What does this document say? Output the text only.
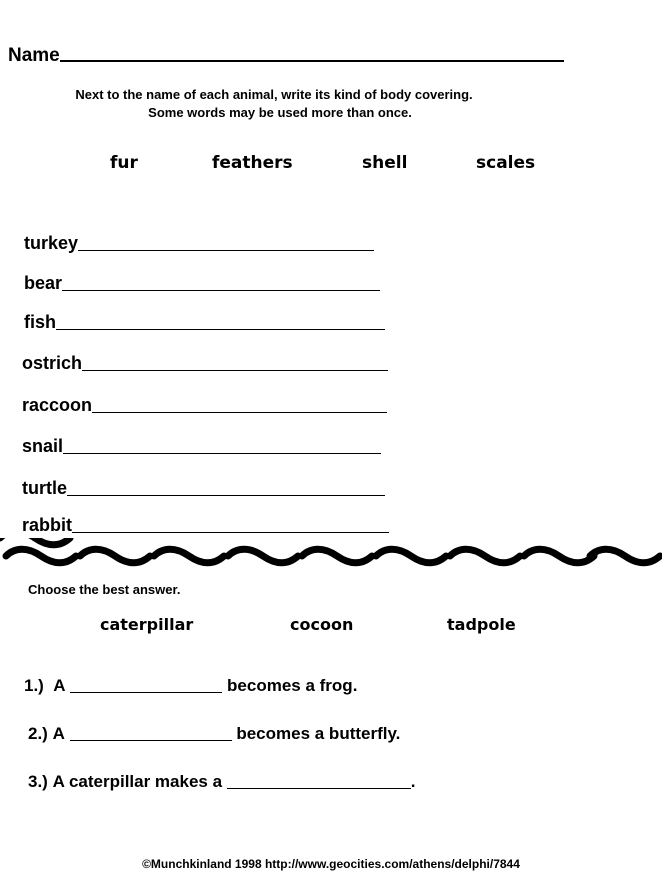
Name
Next to the name of each animal, write its kind of body covering.
Some words may be used more than once.
fur	feathers	shell	scales
turkey
bear
fish
ostrich
raccoon
snail
turtle
rabbit
Choose the best answer.
caterpillar	cocoon	tadpole
1.) A	becomes a frog.
2.) A	becomes a butterfly.
3.) A caterpillar makes a	.
©Munchkinland 1998 http://www.geocities.com/athens/delphi/7844
